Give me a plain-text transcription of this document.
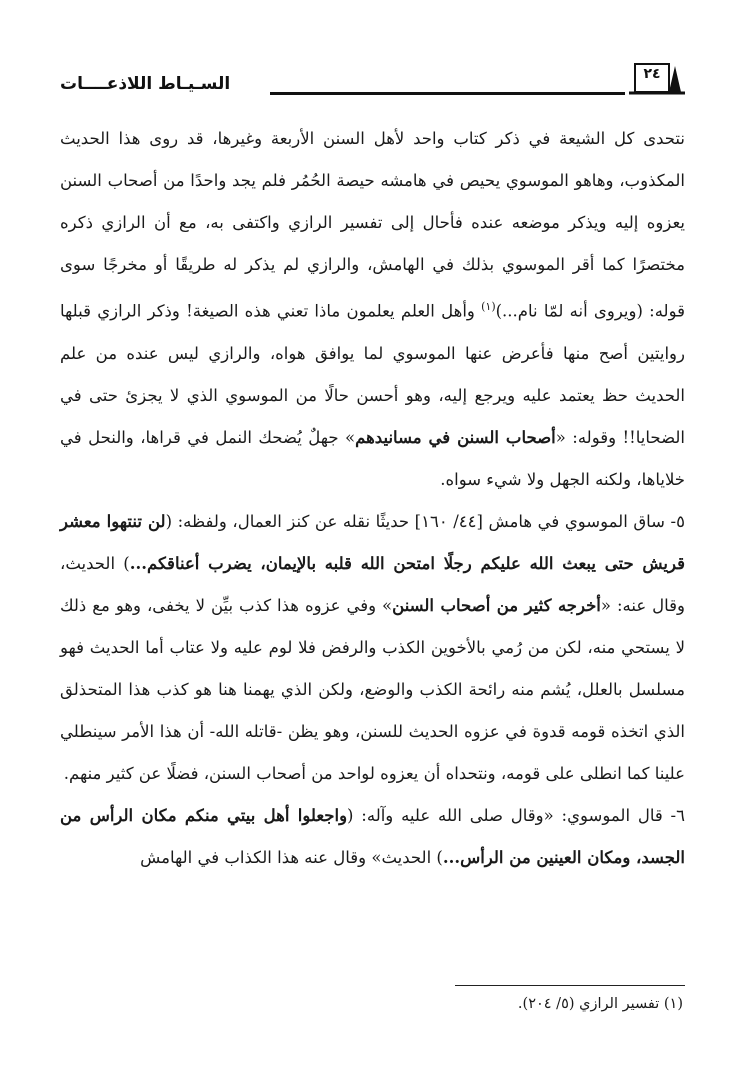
السـيـاط اللاذعــــات	٢٤

نتحدى كل الشيعة في ذكر كتاب واحد لأهل السنن الأربعة وغيرها، قد روى هذا الحديث المكذوب، وهاهو الموسوي يحيص في هامشه حيصة الحُمُر فلم يجد واحدًا من أصحاب السنن يعزوه إليه ويذكر موضعه عنده فأحال إلى تفسير الرازي واكتفى به، مع أن الرازي ذكره مختصرًا كما أقر الموسوي بذلك في الهامش، والرازي لم يذكر له طريقًا أو مخرجًا سوى قوله: (ويروى أنه لمّا نام...)$^{(١)}$ وأهل العلم يعلمون ماذا تعني هذه الصيغة! وذكر الرازي قبلها روايتين أصح منها فأعرض عنها الموسوي لما يوافق هواه، والرازي ليس عنده من علم الحديث حظ يعتمد عليه ويرجع إليه، وهو أحسن حالًا من الموسوي الذي لا يجزئ حتى في الضحايا!! وقوله: «أصحاب السنن في مسانيدهم» جهلٌ يُضحك النمل في قراها، والنحل في خلاياها، ولكنه الجهل ولا شيء سواه.

٥- ساق الموسوي في هامش [٤٤/ ١٦٠] حديثًا نقله عن كنز العمال، ولفظه: (لن تنتهوا معشر قريش حتى يبعث الله عليكم رجلًا امتحن الله قلبه بالإيمان، يضرب أعناقكم...) الحديث، وقال عنه: «أخرجه كثير من أصحاب السنن» وفي عزوه هذا كذب بيِّن لا يخفى، وهو مع ذلك لا يستحي منه، لكن من رُمي بالأخوين الكذب والرفض فلا لوم عليه ولا عتاب أما الحديث فهو مسلسل بالعلل، يُشم منه رائحة الكذب والوضع، ولكن الذي يهمنا هنا هو كذب هذا المتحذلق الذي اتخذه قومه قدوة في عزوه الحديث للسنن، وهو يظن -قاتله الله- أن هذا الأمر سينطلي علينا كما انطلى على قومه، ونتحداه أن يعزوه لواحد من أصحاب السنن، فضلًا عن كثير منهم.

٦- قال الموسوي: «وقال صلى الله عليه وآله: (واجعلوا أهل بيتي منكم مكان الرأس من الجسد، ومكان العينين من الرأس...) الحديث» وقال عنه هذا الكذاب في الهامش

(١) تفسير الرازي (٥/ ٢٠٤).
